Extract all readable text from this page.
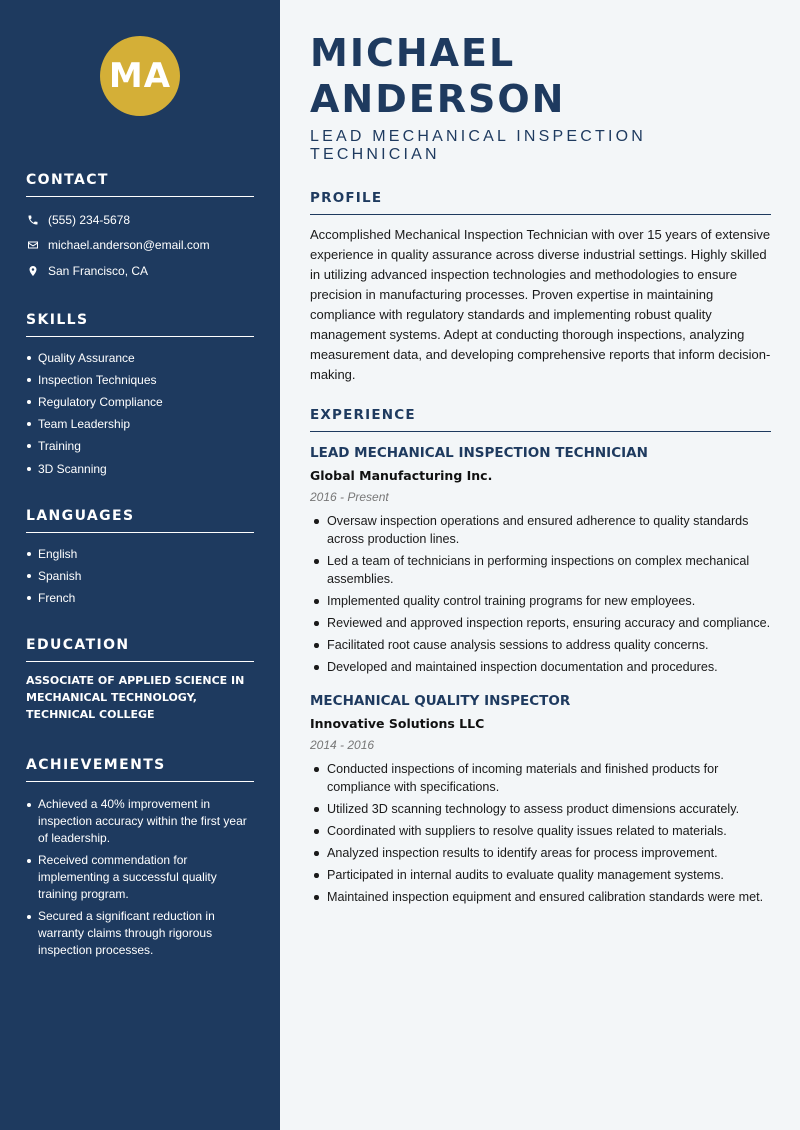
MA
CONTACT
(555) 234-5678
michael.anderson@email.com
San Francisco, CA
SKILLS
Quality Assurance
Inspection Techniques
Regulatory Compliance
Team Leadership
Training
3D Scanning
LANGUAGES
English
Spanish
French
EDUCATION
ASSOCIATE OF APPLIED SCIENCE IN MECHANICAL TECHNOLOGY, TECHNICAL COLLEGE
ACHIEVEMENTS
Achieved a 40% improvement in inspection accuracy within the first year of leadership.
Received commendation for implementing a successful quality training program.
Secured a significant reduction in warranty claims through rigorous inspection processes.
MICHAEL ANDERSON
LEAD MECHANICAL INSPECTION TECHNICIAN
PROFILE

Accomplished Mechanical Inspection Technician with over 15 years of extensive experience in quality assurance across diverse industrial settings. Highly skilled in utilizing advanced inspection technologies and methodologies to ensure precision in manufacturing processes. Proven expertise in maintaining compliance with regulatory standards and implementing robust quality management systems. Adept at conducting thorough inspections, analyzing measurement data, and developing comprehensive reports that inform decision-making.

EXPERIENCE
LEAD MECHANICAL INSPECTION TECHNICIAN
Global Manufacturing Inc.
2016 - Present
Oversaw inspection operations and ensured adherence to quality standards across production lines.
Led a team of technicians in performing inspections on complex mechanical assemblies.
Implemented quality control training programs for new employees.
Reviewed and approved inspection reports, ensuring accuracy and compliance.
Facilitated root cause analysis sessions to address quality concerns.
Developed and maintained inspection documentation and procedures.
MECHANICAL QUALITY INSPECTOR
Innovative Solutions LLC
2014 - 2016
Conducted inspections of incoming materials and finished products for compliance with specifications.
Utilized 3D scanning technology to assess product dimensions accurately.
Coordinated with suppliers to resolve quality issues related to materials.
Analyzed inspection results to identify areas for process improvement.
Participated in internal audits to evaluate quality management systems.
Maintained inspection equipment and ensured calibration standards were met.
